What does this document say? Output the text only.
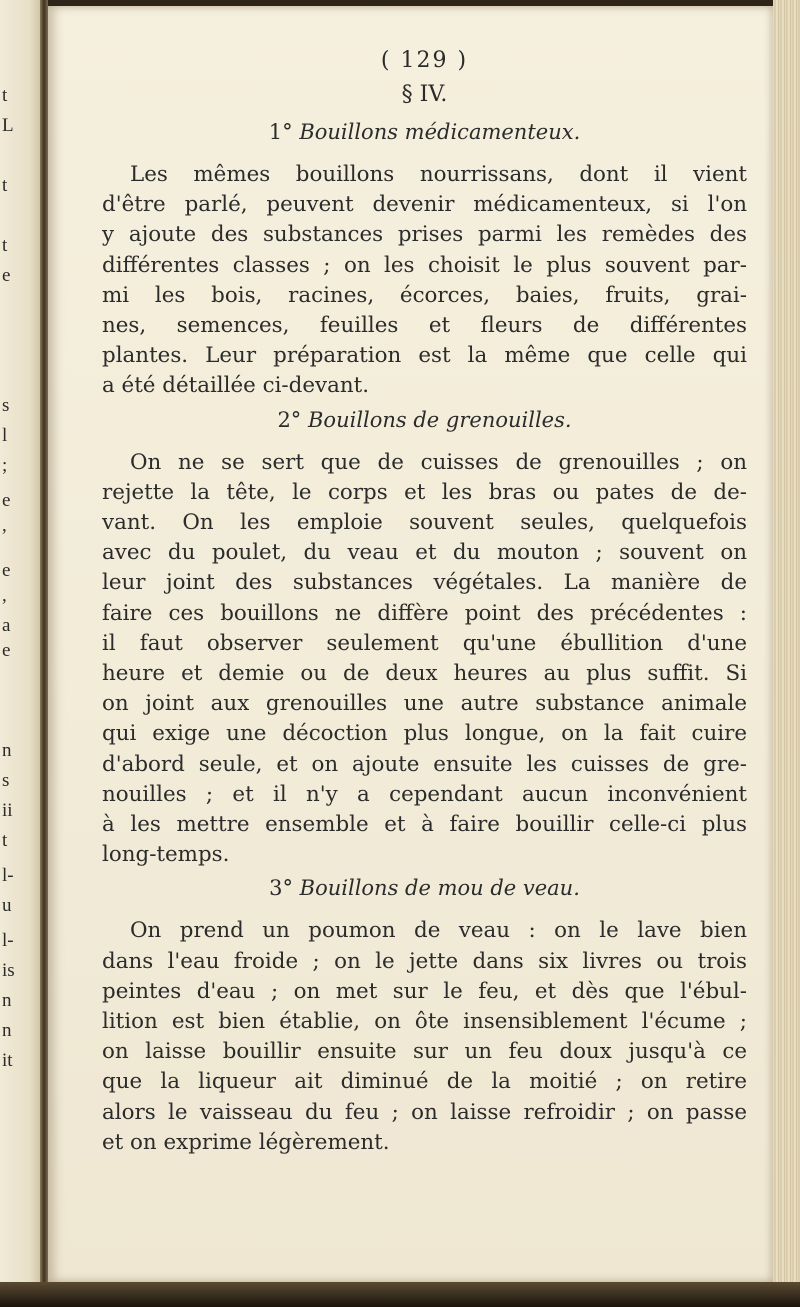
t
L
t
t
e
s
l
;
e
,
e
,
a
e
n
s
ii
t
l-
u
l-
is
n
n
it
( 129 )
§ IV.
1° Bouillons médicamenteux.

Les mêmes bouillons nourrissans, dont il vient
d'être parlé, peuvent devenir médicamenteux, si l'on
y ajoute des substances prises parmi les remèdes des
différentes classes ; on les choisit le plus souvent par-
mi les bois, racines, écorces, baies, fruits, grai-
nes, semences, feuilles et fleurs de différentes
plantes. Leur préparation est la même que celle qui
a été détaillée ci-devant.

2° Bouillons de grenouilles.

On ne se sert que de cuisses de grenouilles ; on
rejette la tête, le corps et les bras ou pates de de-
vant. On les emploie souvent seules, quelquefois
avec du poulet, du veau et du mouton ; souvent on
leur joint des substances végétales. La manière de
faire ces bouillons ne diffère point des précédentes :
il faut observer seulement qu'une ébullition d'une
heure et demie ou de deux heures au plus suffit. Si
on joint aux grenouilles une autre substance animale
qui exige une décoction plus longue, on la fait cuire
d'abord seule, et on ajoute ensuite les cuisses de gre-
nouilles ; et il n'y a cependant aucun inconvénient
à les mettre ensemble et à faire bouillir celle-ci plus
long-temps.

3° Bouillons de mou de veau.

On prend un poumon de veau : on le lave bien
dans l'eau froide ; on le jette dans six livres ou trois
peintes d'eau ; on met sur le feu, et dès que l'ébul-
lition est bien établie, on ôte insensiblement l'écume ;
on laisse bouillir ensuite sur un feu doux jusqu'à ce
que la liqueur ait diminué de la moitié ; on retire
alors le vaisseau du feu ; on laisse refroidir ; on passe
et on exprime légèrement.
